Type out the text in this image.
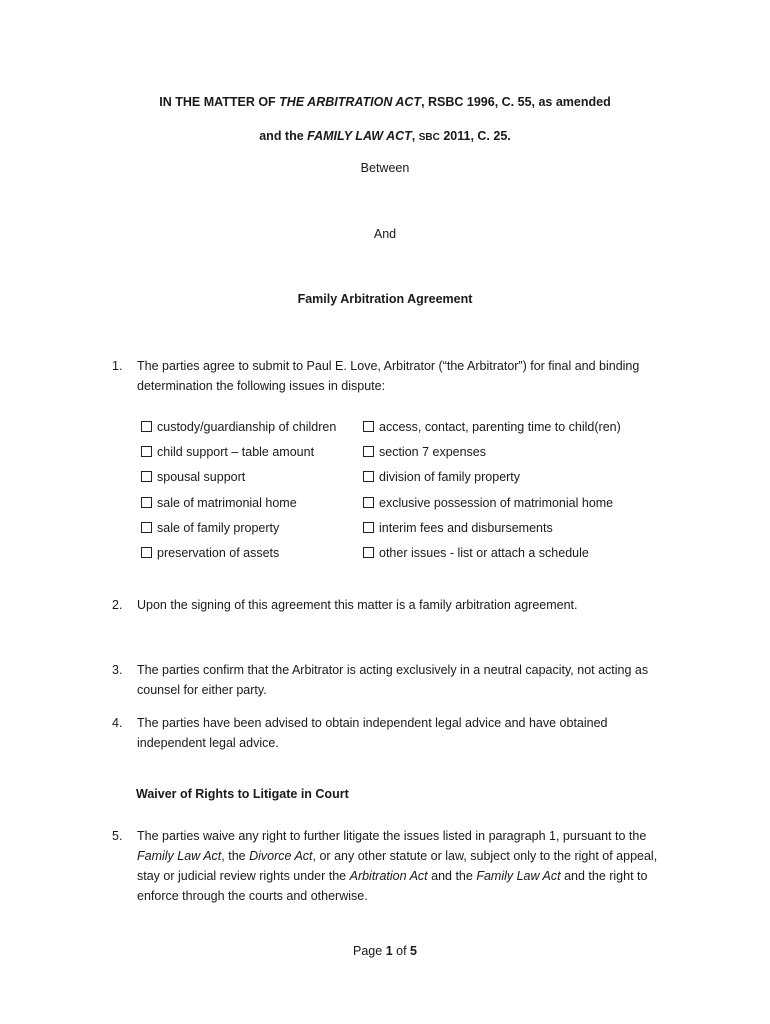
IN THE MATTER OF THE ARBITRATION ACT, RSBC 1996, C. 55, as amended
and the FAMILY LAW ACT, SBC 2011, C. 25.
Between
And
Family Arbitration Agreement
1.	The parties agree to submit to Paul E. Love, Arbitrator (“the Arbitrator”) for final and binding
determination the following issues in dispute:
custody/guardianship of children	access, contact, parenting time to child(ren)
child support – table amount	section 7 expenses
spousal support	division of family property
sale of matrimonial home	exclusive possession of matrimonial home
sale of family property	interim fees and disbursements
preservation of assets	other issues - list or attach a schedule
2.	Upon the signing of this agreement this matter is a family arbitration agreement.
3.	The parties confirm that the Arbitrator is acting exclusively in a neutral capacity, not acting as
counsel for either party.
4.	The parties have been advised to obtain independent legal advice and have obtained
independent legal advice.
Waiver of Rights to Litigate in Court
5.	The parties waive any right to further litigate the issues listed in paragraph 1, pursuant to the
Family Law Act, the Divorce Act, or any other statute or law, subject only to the right of appeal,
stay or judicial review rights under the Arbitration Act and the Family Law Act and the right to
enforce through the courts and otherwise.
Page 1 of 5
